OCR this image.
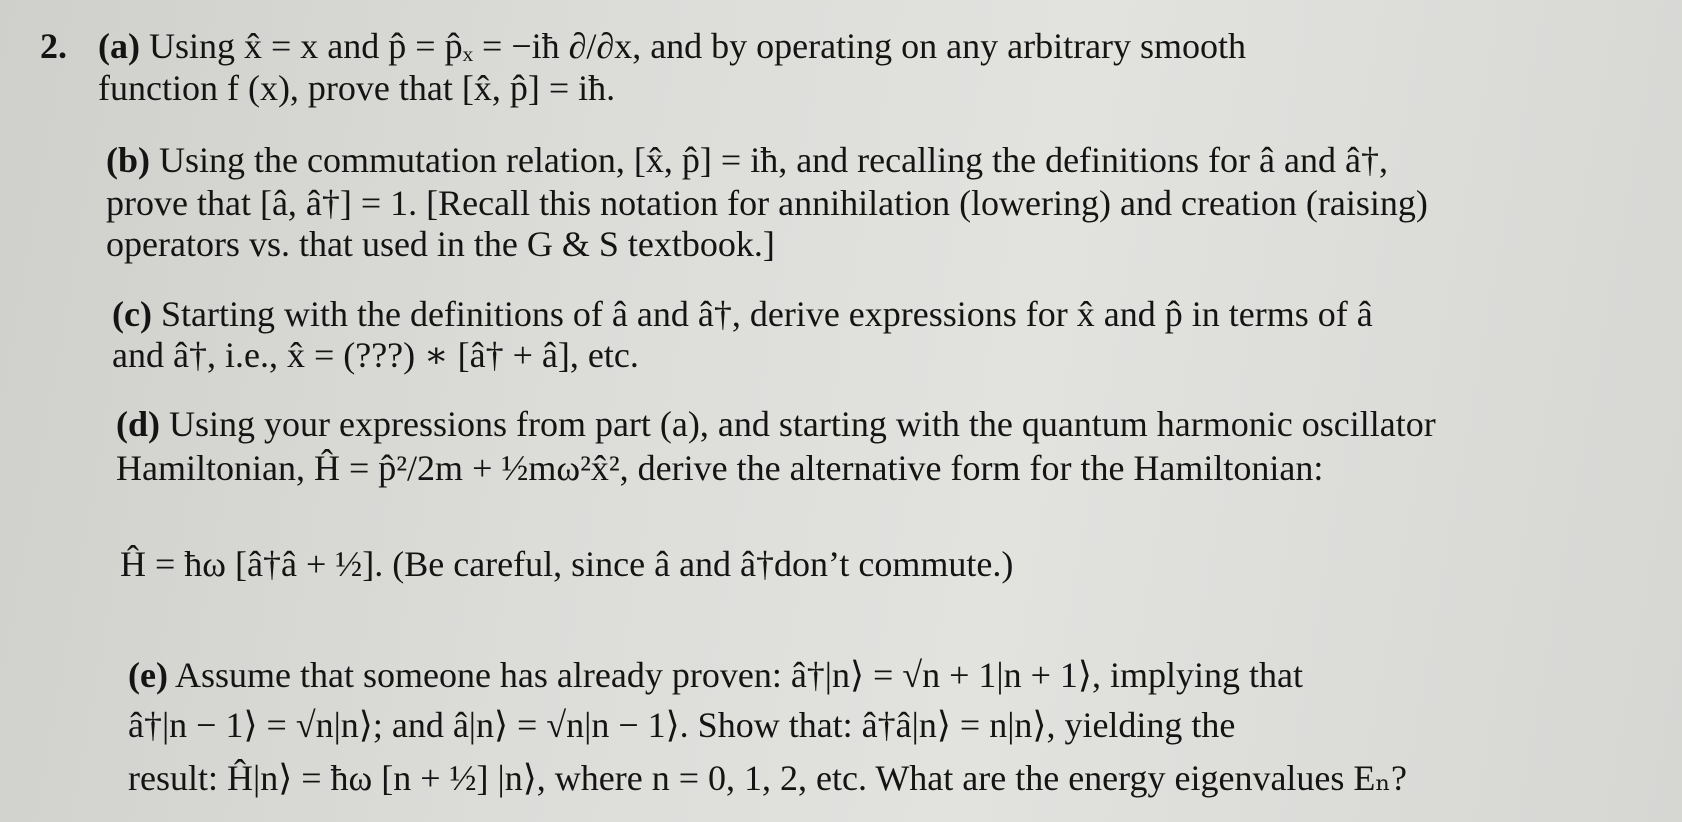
2. (a) Using x̂ = x and p̂ = p̂ₓ = −iħ ∂/∂x, and by operating on any arbitrary smooth
function f (x), prove that [x̂, p̂] = iħ.
(b) Using the commutation relation, [x̂, p̂] = iħ, and recalling the definitions for â and â†,
prove that [â, â†] = 1. [Recall this notation for annihilation (lowering) and creation (raising)
operators vs. that used in the G & S textbook.]
(c) Starting with the definitions of â and â†, derive expressions for x̂ and p̂ in terms of â
and â†, i.e., x̂ = (???) ∗ [â† + â], etc.
(d) Using your expressions from part (a), and starting with the quantum harmonic oscillator
Hamiltonian, Ĥ = p̂²/2m + ½mω²x̂², derive the alternative form for the Hamiltonian:
Ĥ = ħω [â†â + ½]. (Be careful, since â and â†don’t commute.)
(e) Assume that someone has already proven: â†|n⟩ = √n + 1|n + 1⟩, implying that
â†|n − 1⟩ = √n|n⟩; and â|n⟩ = √n|n − 1⟩. Show that: â†â|n⟩ = n|n⟩, yielding the
result: Ĥ|n⟩ = ħω [n + ½] |n⟩, where n = 0, 1, 2, etc. What are the energy eigenvalues Eₙ?
